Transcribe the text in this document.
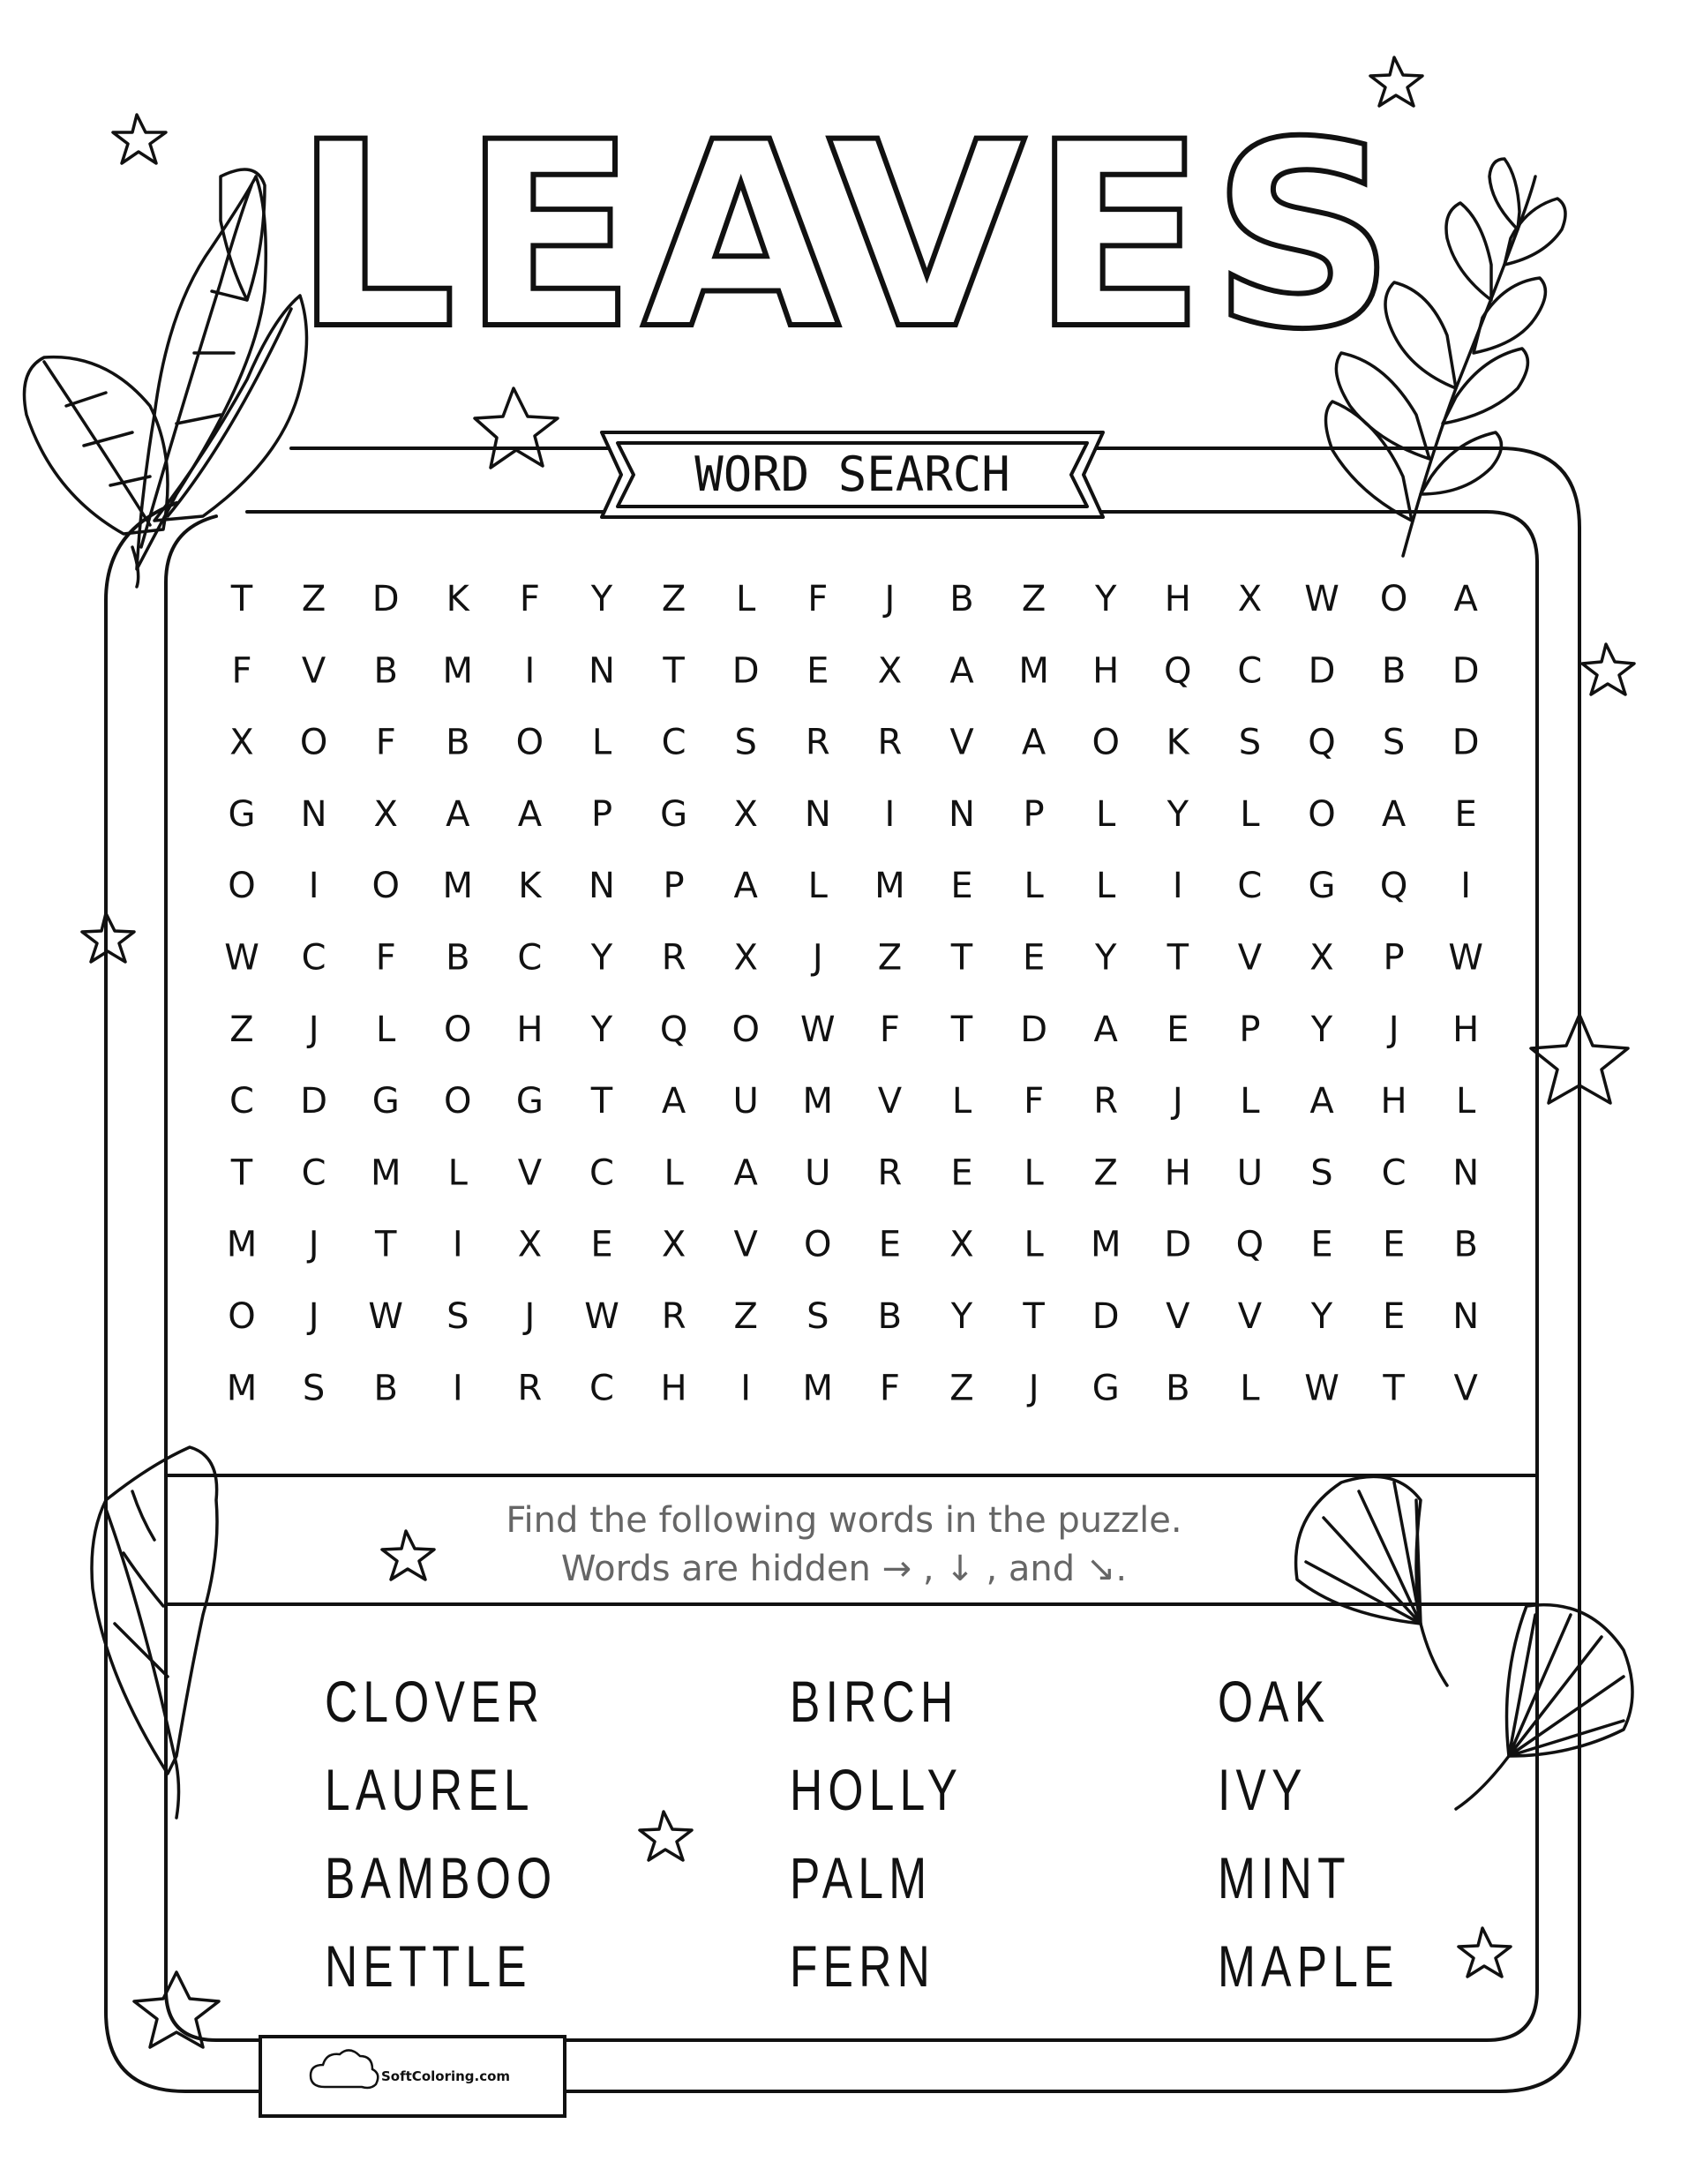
WORD SEARCH
LEAVES
T Z D K F Y Z L F J B Z Y H X W O A
F V B M I N T D E X A M H Q C D B D
X O F B O L C S R R V A O K S Q S D
G N X A A P G X N I N P L Y L O A E
O I O M K N P A L M E L L I C G Q I
W C F B C Y R X J Z T E Y T V X P W
Z J L O H Y Q O W F T D A E P Y J H
C D G O G T A U M V L F R J L A H L
T C M L V C L A U R E L Z H U S C N
M J T I X E X V O E X L M D Q E E B
O J W S J W R Z S B Y T D V V Y E N
M S B I R C H I M F Z J G B L W T V
SoftColoring.com
Find the following words in the puzzle.
Words are hidden → , ↓ , and ↘.
CLOVER
LAUREL
BAMBOO
NETTLE
BIRCH
HOLLY
PALM
FERN
OAK
IVY
MINT
MAPLE
